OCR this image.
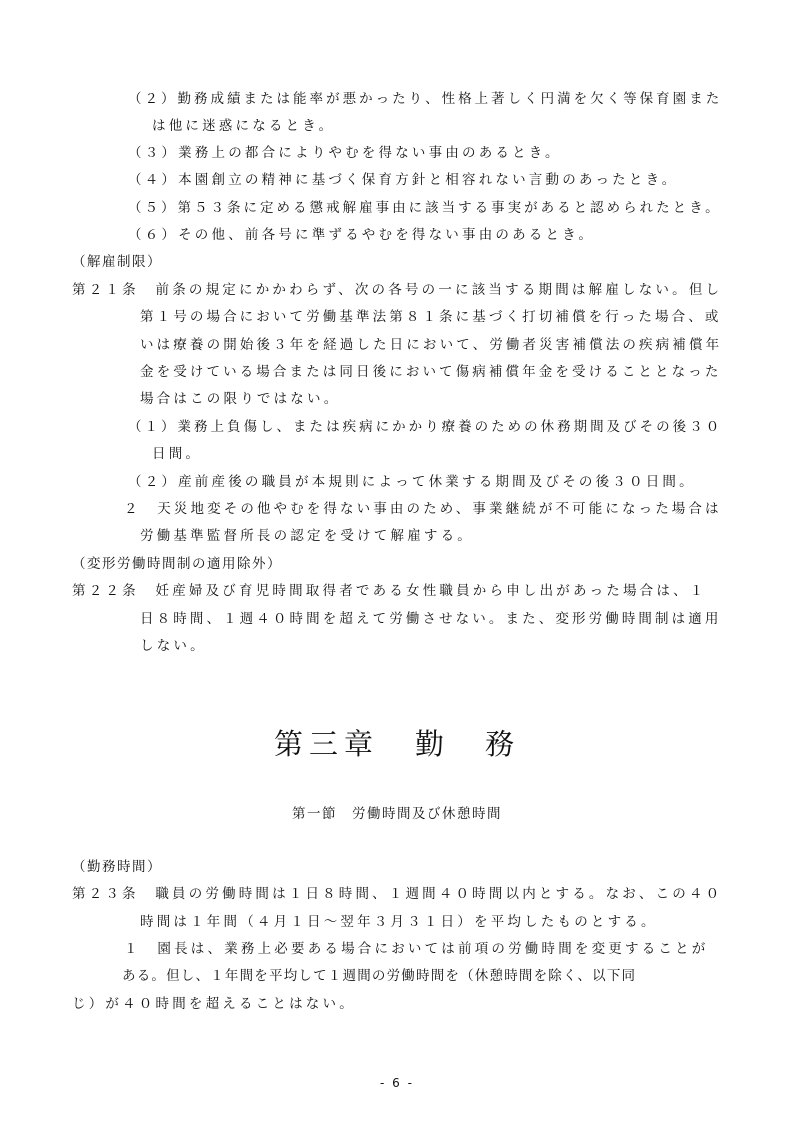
（２）勤務成績または能率が悪かったり、性格上著しく円満を欠く等保育園また
は他に迷惑になるとき。
（３）業務上の都合によりやむを得ない事由のあるとき。
（４）本園創立の精神に基づく保育方針と相容れない言動のあったとき。
（５）第５３条に定める懲戒解雇事由に該当する事実があると認められたとき。
（６）その他、前各号に準ずるやむを得ない事由のあるとき。
（解雇制限）
第２１条　前条の規定にかかわらず、次の各号の一に該当する期間は解雇しない。但し
第１号の場合において労働基準法第８１条に基づく打切補償を行った場合、或
いは療養の開始後３年を経過した日において、労働者災害補償法の疾病補償年
金を受けている場合または同日後において傷病補償年金を受けることとなった
場合はこの限りではない。
（１）業務上負傷し、または疾病にかかり療養のための休務期間及びその後３０
日間。
（２）産前産後の職員が本規則によって休業する期間及びその後３０日間。
２　天災地変その他やむを得ない事由のため、事業継続が不可能になった場合は
労働基準監督所長の認定を受けて解雇する。
（変形労働時間制の適用除外）
第２２条　妊産婦及び育児時間取得者である女性職員から申し出があった場合は、１
日８時間、１週４０時間を超えて労働させない。また、変形労働時間制は適用
しない。
第三章 勤　務
第一節　労働時間及び休憩時間
（勤務時間）
第２３条　職員の労働時間は１日８時間、１週間４０時間以内とする。なお、この４０
時間は１年間（４月１日～翌年３月３１日）を平均したものとする。
１　園長は、業務上必要ある場合においては前項の労働時間を変更することが
ある。但し、１年間を平均して１週間の労働時間を（休憩時間を除く、以下同
じ）が４０時間を超えることはない。
- 6 -
